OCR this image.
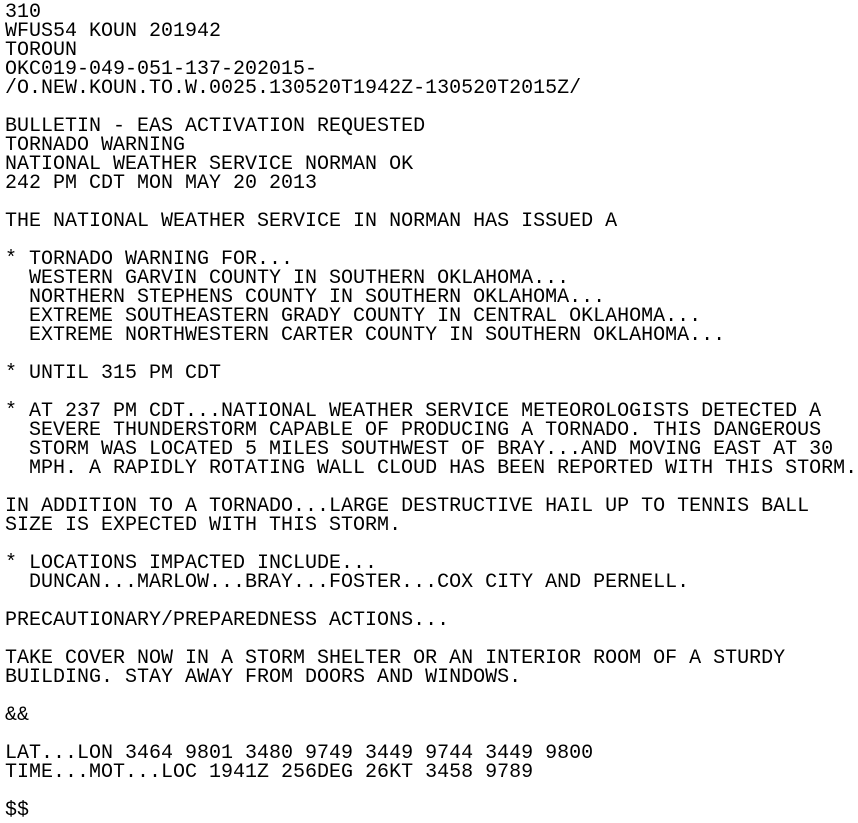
310
WFUS54 KOUN 201942
TOROUN
OKC019-049-051-137-202015-
/O.NEW.KOUN.TO.W.0025.130520T1942Z-130520T2015Z/
BULLETIN - EAS ACTIVATION REQUESTED
TORNADO WARNING
NATIONAL WEATHER SERVICE NORMAN OK
242 PM CDT MON MAY 20 2013
THE NATIONAL WEATHER SERVICE IN NORMAN HAS ISSUED A
* TORNADO WARNING FOR...
WESTERN GARVIN COUNTY IN SOUTHERN OKLAHOMA...
NORTHERN STEPHENS COUNTY IN SOUTHERN OKLAHOMA...
EXTREME SOUTHEASTERN GRADY COUNTY IN CENTRAL OKLAHOMA...
EXTREME NORTHWESTERN CARTER COUNTY IN SOUTHERN OKLAHOMA...
* UNTIL 315 PM CDT
* AT 237 PM CDT...NATIONAL WEATHER SERVICE METEOROLOGISTS DETECTED A
SEVERE THUNDERSTORM CAPABLE OF PRODUCING A TORNADO. THIS DANGEROUS
STORM WAS LOCATED 5 MILES SOUTHWEST OF BRAY...AND MOVING EAST AT 30
MPH. A RAPIDLY ROTATING WALL CLOUD HAS BEEN REPORTED WITH THIS STORM.
IN ADDITION TO A TORNADO...LARGE DESTRUCTIVE HAIL UP TO TENNIS BALL
SIZE IS EXPECTED WITH THIS STORM.
* LOCATIONS IMPACTED INCLUDE...
DUNCAN...MARLOW...BRAY...FOSTER...COX CITY AND PERNELL.
PRECAUTIONARY/PREPAREDNESS ACTIONS...
TAKE COVER NOW IN A STORM SHELTER OR AN INTERIOR ROOM OF A STURDY
BUILDING. STAY AWAY FROM DOORS AND WINDOWS.
&&
LAT...LON 3464 9801 3480 9749 3449 9744 3449 9800
TIME...MOT...LOC 1941Z 256DEG 26KT 3458 9789
$$
